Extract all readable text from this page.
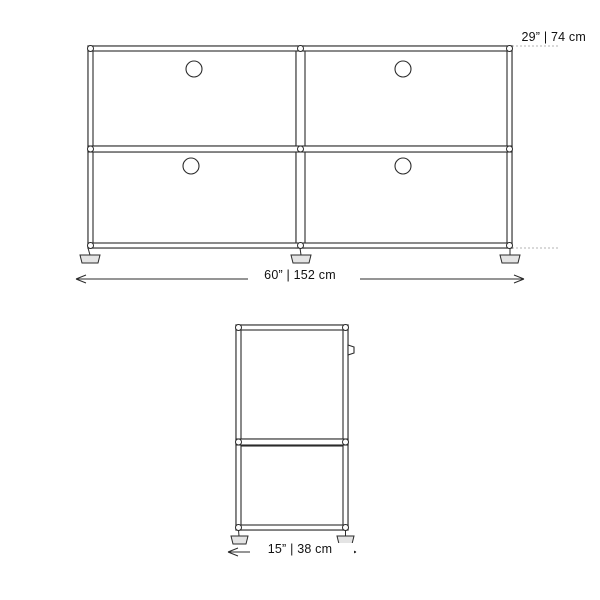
29” | 74 cm
60” | 152 cm
15” | 38 cm
